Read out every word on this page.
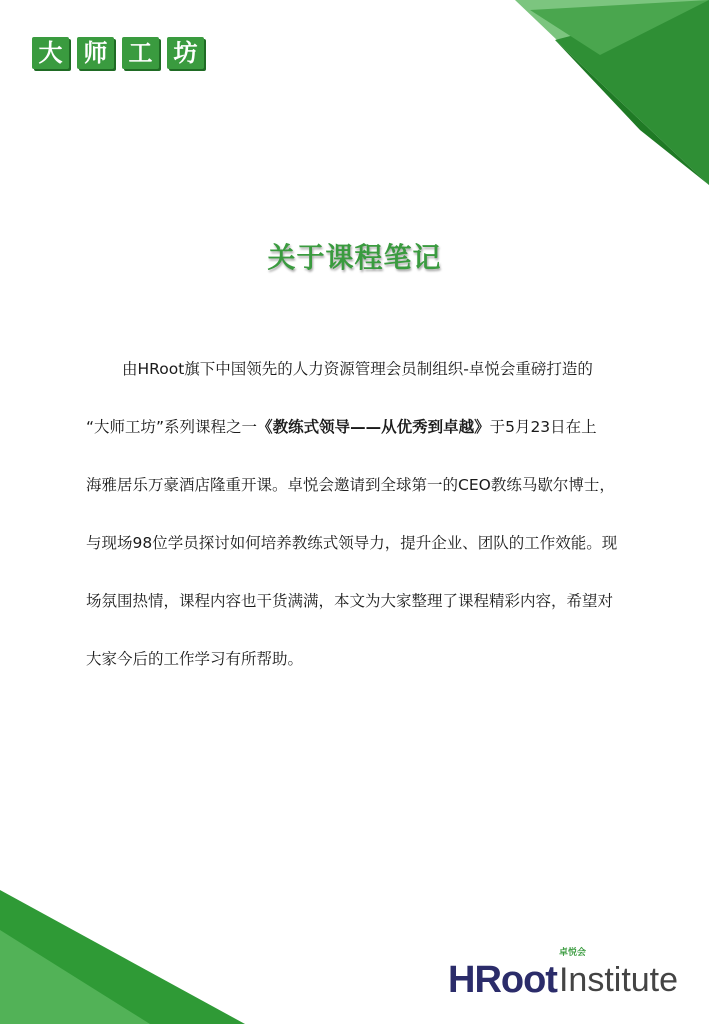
大 师 工 坊
关于课程笔记
由HRoot旗下中国领先的人力资源管理会员制组织-卓悦会重磅打造的
“大师工坊”系列课程之一《教练式领导——从优秀到卓越》于5月23日在上
海雅居乐万豪酒店隆重开课。卓悦会邀请到全球第一的CEO教练马歇尔博士，
与现场98位学员探讨如何培养教练式领导力，提升企业、团队的工作效能。现
场氛围热情，课程内容也干货满满，本文为大家整理了课程精彩内容，希望对
大家今后的工作学习有所帮助。
HRoot
卓悦会
Institute
